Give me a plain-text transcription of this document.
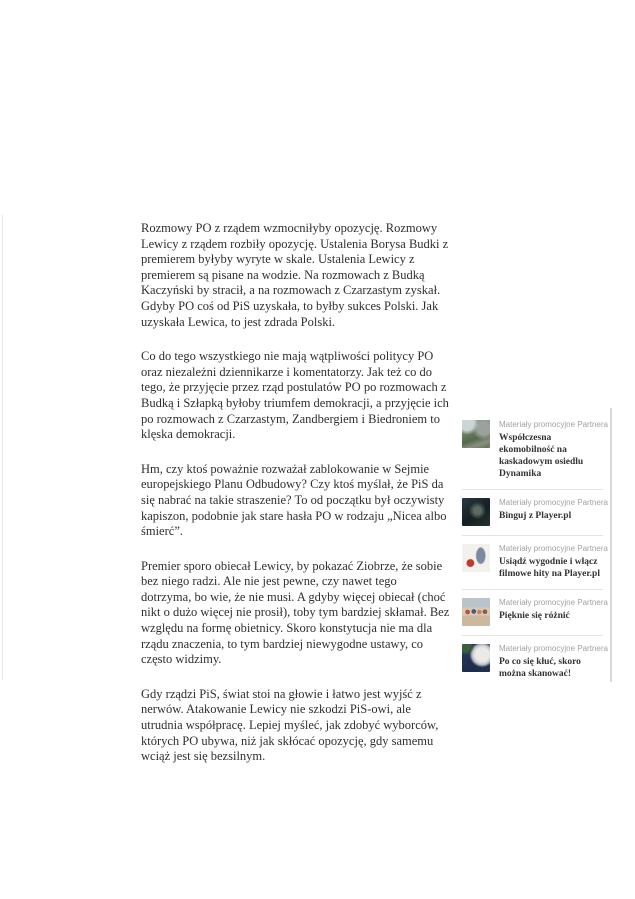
Rozmowy PO z rządem wzmocniłyby opozycję. Rozmowy Lewicy z rządem rozbiły opozycję. Ustalenia Borysa Budki z premierem byłyby wyryte w skale. Ustalenia Lewicy z premierem są pisane na wodzie. Na rozmowach z Budką Kaczyński by stracił, a na rozmowach z Czarzastym zyskał. Gdyby PO coś od PiS uzyskała, to byłby sukces Polski. Jak uzyskała Lewica, to jest zdrada Polski.

Co do tego wszystkiego nie mają wątpliwości politycy PO oraz niezależni dziennikarze i komentatorzy. Jak też co do tego, że przyjęcie przez rząd postulatów PO po rozmowach z Budką i Szłapką byłoby triumfem demokracji, a przyjęcie ich po rozmowach z Czarzastym, Zandbergiem i Biedroniem to klęska demokracji.

Hm, czy ktoś poważnie rozważał zablokowanie w Sejmie europejskiego Planu Odbudowy? Czy ktoś myślał, że PiS da się nabrać na takie straszenie? To od początku był oczywisty kapiszon, podobnie jak stare hasła PO w rodzaju „Nicea albo śmierć”.

Premier sporo obiecał Lewicy, by pokazać Ziobrze, że sobie bez niego radzi. Ale nie jest pewne, czy nawet tego dotrzyma, bo wie, że nie musi. A gdyby więcej obiecał (choć nikt o dużo więcej nie prosił), toby tym bardziej skłamał. Bez względu na formę obietnicy. Skoro konstytucja nie ma dla rządu znaczenia, to tym bardziej niewygodne ustawy, co często widzimy.

Gdy rządzi PiS, świat stoi na głowie i łatwo jest wyjść z nerwów. Atakowanie Lewicy nie szkodzi PiS-owi, ale utrudnia współpracę. Lepiej myśleć, jak zdobyć wyborców, których PO ubywa, niż jak skłócać opozycję, gdy samemu wciąż jest się bezsilnym.

Materiały promocyjne Partnera
Współczesna ekomobilność na kaskadowym osiedlu Dynamika
Materiały promocyjne Partnera
Binguj z Player.pl
Materiały promocyjne Partnera
Usiądź wygodnie i włącz filmowe hity na Player.pl
Materiały promocyjne Partnera
Pięknie się różnić
Materiały promocyjne Partnera
Po co się kłuć, skoro można skanować!
